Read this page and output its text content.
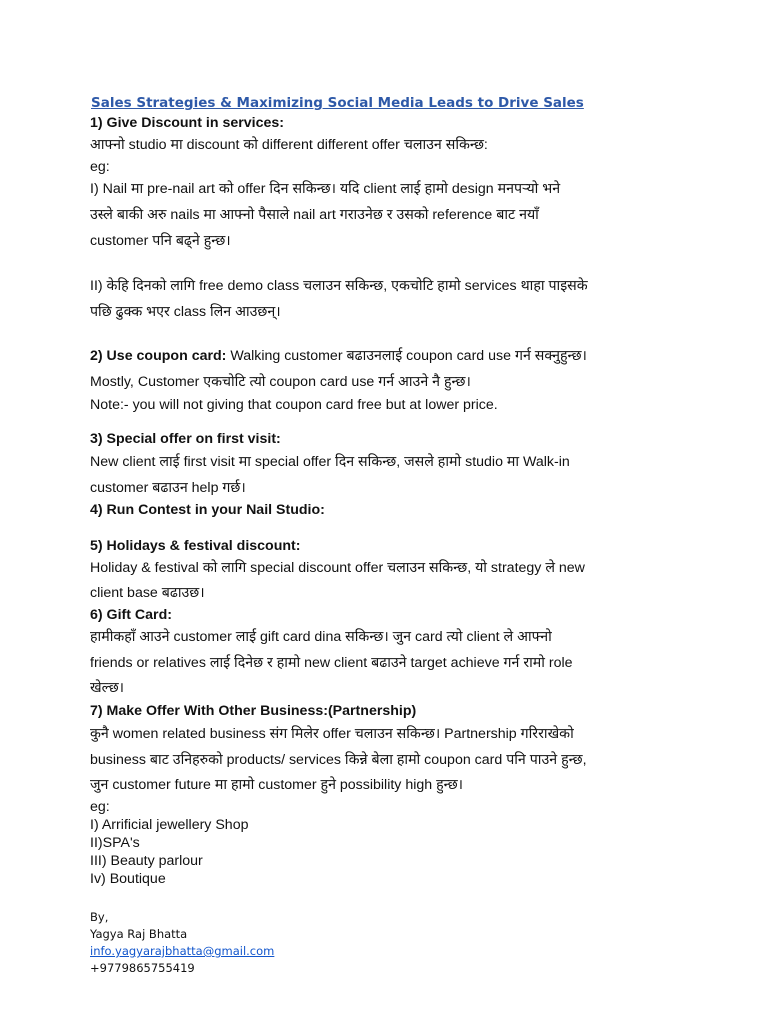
Sales Strategies & Maximizing Social Media Leads to Drive Sales
1) Give Discount in services:
आफ्नो studio मा discount को different different offer चलाउन सकिन्छ:
eg:
I) Nail मा pre-nail art को offer दिन सकिन्छ। यदि client लाई हामो design मनपऱ्यो भने
उस्ले बाकी अरु nails मा आफ्नो पैसाले nail art गराउनेछ र उसको reference बाट नयाँ
customer पनि बढ्ने हुन्छ।
II) केहि दिनको लागि free demo class चलाउन सकिन्छ, एकचोटि हामो services थाहा पाइसके
पछि ढुक्क भएर class लिन आउछन्।
2) Use coupon card: Walking customer बढाउनलाई coupon card use गर्न सक्नुहुन्छ।
Mostly, Customer एकचोटि त्यो coupon card use गर्न आउने नै हुन्छ।
Note:- you will not giving that coupon card free but at lower price.
3) Special offer on first visit:
New client लाई first visit मा special offer दिन सकिन्छ, जसले हामो studio मा Walk-in
customer बढाउन help गर्छ।
4) Run Contest in your Nail Studio:
5) Holidays & festival discount:
Holiday & festival को लागि special discount offer चलाउन सकिन्छ, यो strategy ले new
client base बढाउछ।
6) Gift Card:
हामीकहाँ आउने customer लाई gift card dina सकिन्छ। जुन card त्यो client ले आफ्नो
friends or relatives लाई दिनेछ र हामो new client बढाउने target achieve गर्न रामो role
खेल्छ।
7) Make Offer With Other Business:(Partnership)
कुनै women related business संग मिलेर offer चलाउन सकिन्छ। Partnership गरिराखेको
business बाट उनिहरुको products/ services किन्ने बेला हामो coupon card पनि पाउने हुन्छ,
जुन customer future मा हामो customer हुने possibility high हुन्छ।
eg:
I) Arrificial jewellery Shop
II)SPA's
III) Beauty parlour
Iv) Boutique
By,
Yagya Raj Bhatta
info.yagyarajbhatta@gmail.com
+9779865755419
